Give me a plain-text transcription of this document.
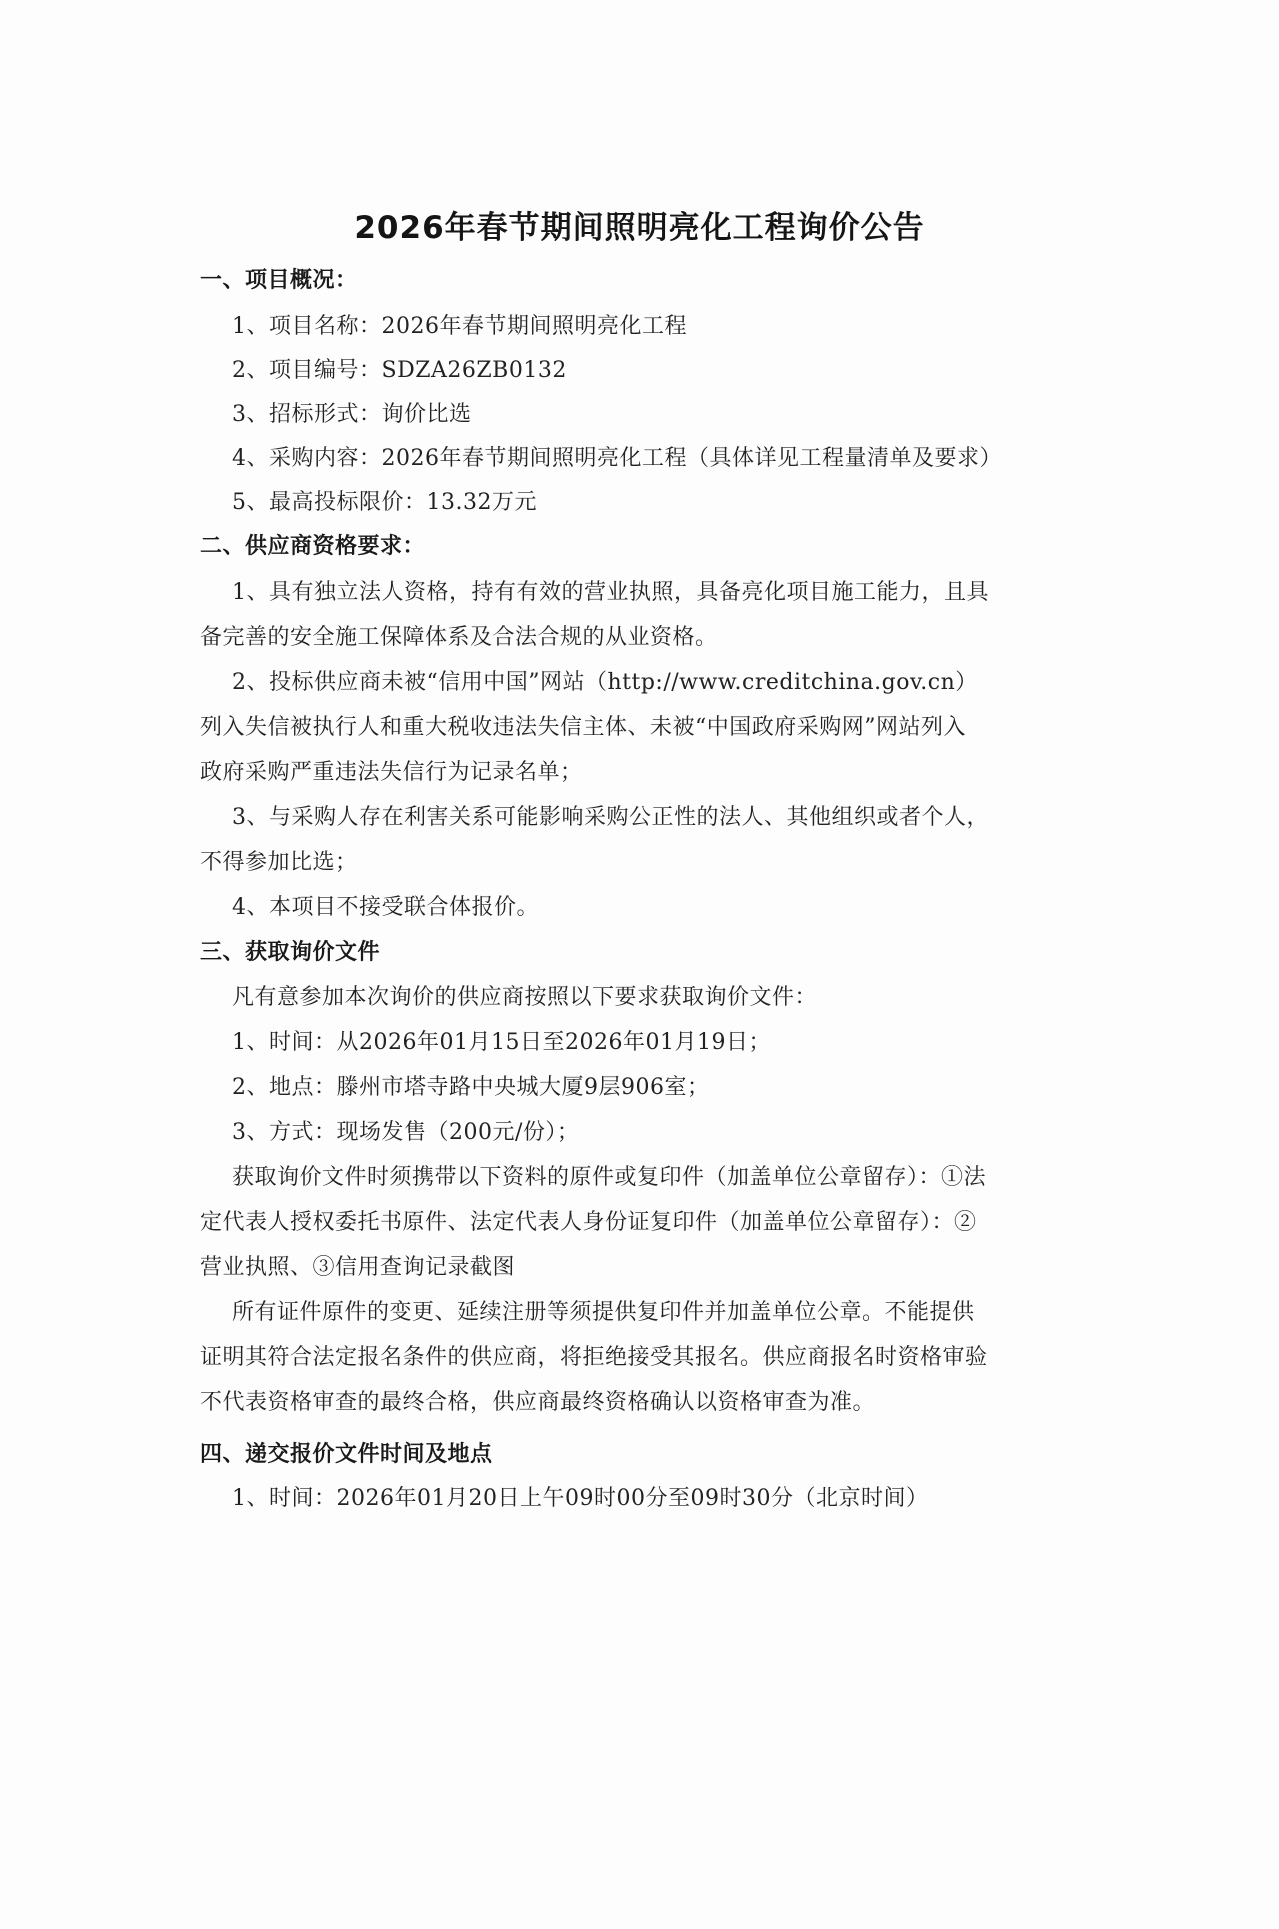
2026年春节期间照明亮化工程询价公告
一、项目概况：
1、项目名称：2026年春节期间照明亮化工程
2、项目编号：SDZA26ZB0132
3、招标形式：询价比选
4、采购内容：2026年春节期间照明亮化工程（具体详见工程量清单及要求）
5、最高投标限价：13.32万元
二、供应商资格要求：
1、具有独立法人资格，持有有效的营业执照，具备亮化项目施工能力，且具
备完善的安全施工保障体系及合法合规的从业资格。
2、投标供应商未被“信用中国”网站（http://www.creditchina.gov.cn）
列入失信被执行人和重大税收违法失信主体、未被“中国政府采购网”网站列入
政府采购严重违法失信行为记录名单；
3、与采购人存在利害关系可能影响采购公正性的法人、其他组织或者个人，
不得参加比选；
4、本项目不接受联合体报价。
三、获取询价文件
凡有意参加本次询价的供应商按照以下要求获取询价文件：
1、时间：从2026年01月15日至2026年01月19日；
2、地点：滕州市塔寺路中央城大厦9层906室；
3、方式：现场发售（200元/份）；
获取询价文件时须携带以下资料的原件或复印件（加盖单位公章留存）：①法
定代表人授权委托书原件、法定代表人身份证复印件（加盖单位公章留存）：②
营业执照、③信用查询记录截图
所有证件原件的变更、延续注册等须提供复印件并加盖单位公章。不能提供
证明其符合法定报名条件的供应商，将拒绝接受其报名。供应商报名时资格审验
不代表资格审查的最终合格，供应商最终资格确认以资格审查为准。
四、递交报价文件时间及地点
1、时间：2026年01月20日上午09时00分至09时30分（北京时间）
